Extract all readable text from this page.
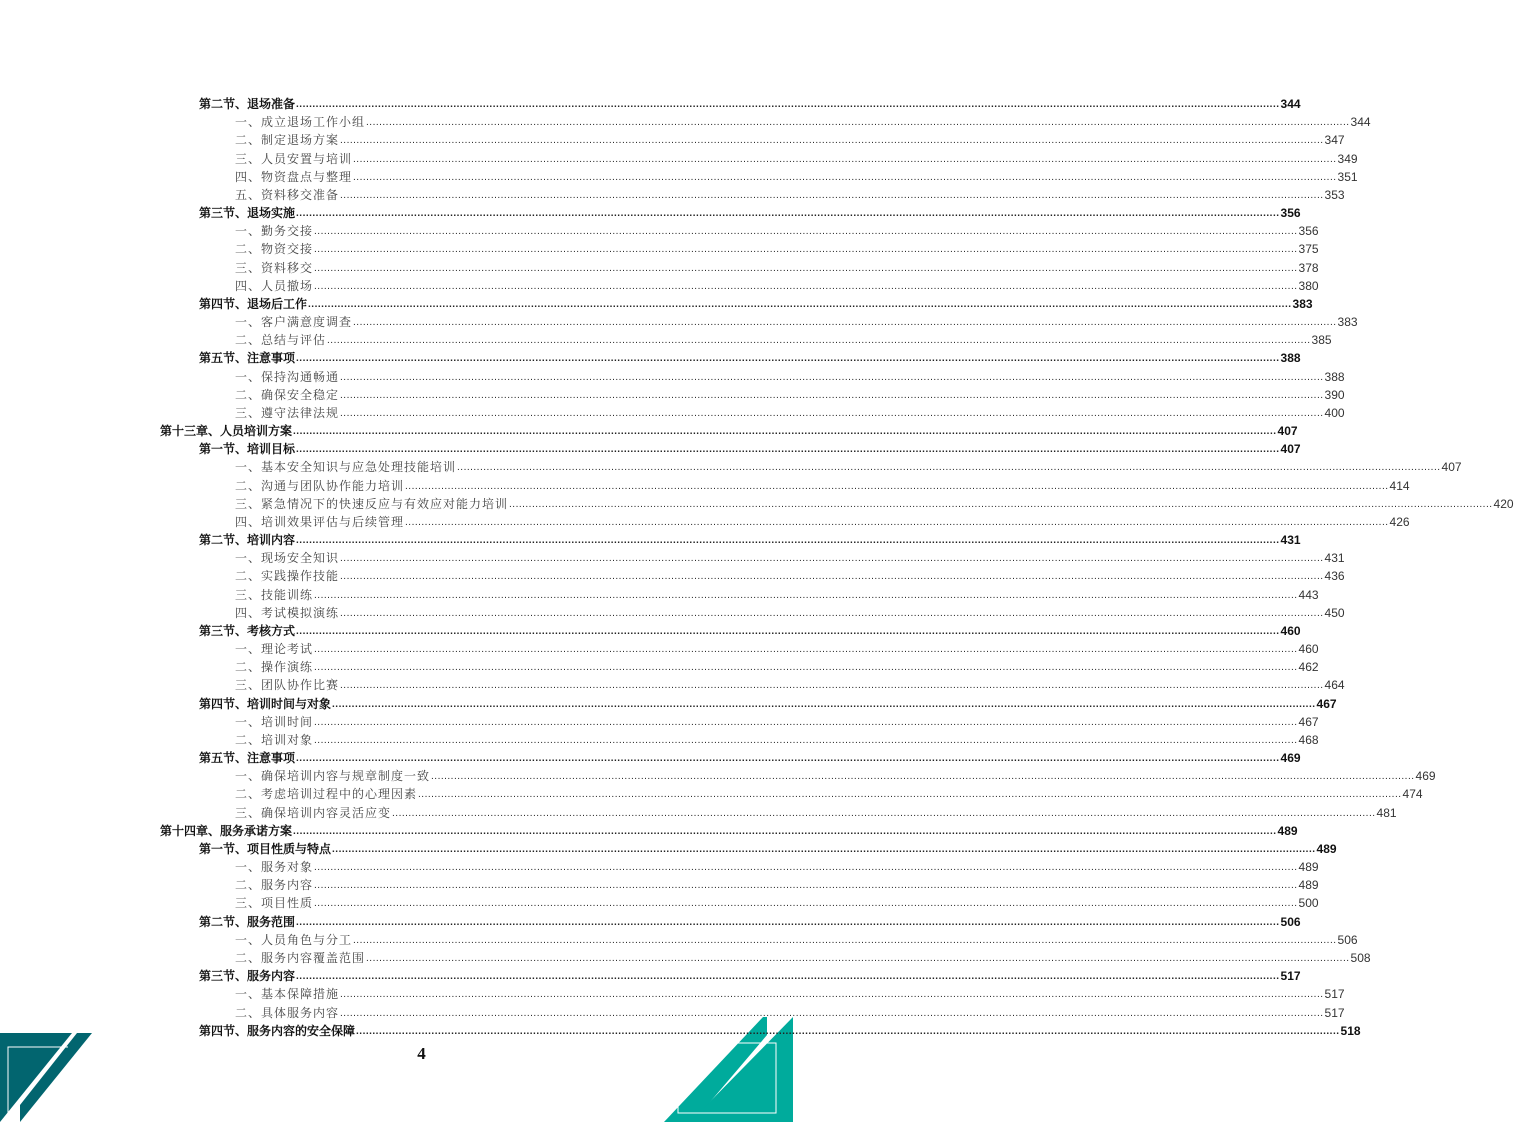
第二节、退场准备 ............................................................................................................................................................................................................................................................................................................ 344
一、成立退场工作小组 ............................................................................................................................................................................................................................................................................................................ 344
二、制定退场方案 ............................................................................................................................................................................................................................................................................................................ 347
三、人员安置与培训 ............................................................................................................................................................................................................................................................................................................ 349
四、物资盘点与整理 ............................................................................................................................................................................................................................................................................................................ 351
五、资料移交准备 ............................................................................................................................................................................................................................................................................................................ 353
第三节、退场实施 ............................................................................................................................................................................................................................................................................................................ 356
一、勤务交接 ............................................................................................................................................................................................................................................................................................................ 356
二、物资交接 ............................................................................................................................................................................................................................................................................................................ 375
三、资料移交 ............................................................................................................................................................................................................................................................................................................ 378
四、人员撤场 ............................................................................................................................................................................................................................................................................................................ 380
第四节、退场后工作 ............................................................................................................................................................................................................................................................................................................ 383
一、客户满意度调查 ............................................................................................................................................................................................................................................................................................................ 383
二、总结与评估 ............................................................................................................................................................................................................................................................................................................ 385
第五节、注意事项 ............................................................................................................................................................................................................................................................................................................ 388
一、保持沟通畅通 ............................................................................................................................................................................................................................................................................................................ 388
二、确保安全稳定 ............................................................................................................................................................................................................................................................................................................ 390
三、遵守法律法规 ............................................................................................................................................................................................................................................................................................................ 400
第十三章、人员培训方案 ............................................................................................................................................................................................................................................................................................................ 407
第一节、培训目标 ............................................................................................................................................................................................................................................................................................................ 407
一、基本安全知识与应急处理技能培训 ............................................................................................................................................................................................................................................................................................................ 407
二、沟通与团队协作能力培训 ............................................................................................................................................................................................................................................................................................................ 414
三、紧急情况下的快速反应与有效应对能力培训 ............................................................................................................................................................................................................................................................................................................ 420
四、培训效果评估与后续管理 ............................................................................................................................................................................................................................................................................................................ 426
第二节、培训内容 ............................................................................................................................................................................................................................................................................................................ 431
一、现场安全知识 ............................................................................................................................................................................................................................................................................................................ 431
二、实践操作技能 ............................................................................................................................................................................................................................................................................................................ 436
三、技能训练 ............................................................................................................................................................................................................................................................................................................ 443
四、考试模拟演练 ............................................................................................................................................................................................................................................................................................................ 450
第三节、考核方式 ............................................................................................................................................................................................................................................................................................................ 460
一、理论考试 ............................................................................................................................................................................................................................................................................................................ 460
二、操作演练 ............................................................................................................................................................................................................................................................................................................ 462
三、团队协作比赛 ............................................................................................................................................................................................................................................................................................................ 464
第四节、培训时间与对象 ............................................................................................................................................................................................................................................................................................................ 467
一、培训时间 ............................................................................................................................................................................................................................................................................................................ 467
二、培训对象 ............................................................................................................................................................................................................................................................................................................ 468
第五节、注意事项 ............................................................................................................................................................................................................................................................................................................ 469
一、确保培训内容与规章制度一致 ............................................................................................................................................................................................................................................................................................................ 469
二、考虑培训过程中的心理因素 ............................................................................................................................................................................................................................................................................................................ 474
三、确保培训内容灵活应变 ............................................................................................................................................................................................................................................................................................................ 481
第十四章、服务承诺方案 ............................................................................................................................................................................................................................................................................................................ 489
第一节、项目性质与特点 ............................................................................................................................................................................................................................................................................................................ 489
一、服务对象 ............................................................................................................................................................................................................................................................................................................ 489
二、服务内容 ............................................................................................................................................................................................................................................................................................................ 489
三、项目性质 ............................................................................................................................................................................................................................................................................................................ 500
第二节、服务范围 ............................................................................................................................................................................................................................................................................................................ 506
一、人员角色与分工 ............................................................................................................................................................................................................................................................................................................ 506
二、服务内容覆盖范围 ............................................................................................................................................................................................................................................................................................................ 508
第三节、服务内容 ............................................................................................................................................................................................................................................................................................................ 517
一、基本保障措施 ............................................................................................................................................................................................................................................................................................................ 517
二、具体服务内容 ............................................................................................................................................................................................................................................................................................................ 517
第四节、服务内容的安全保障 ............................................................................................................................................................................................................................................................................................................ 518
4
